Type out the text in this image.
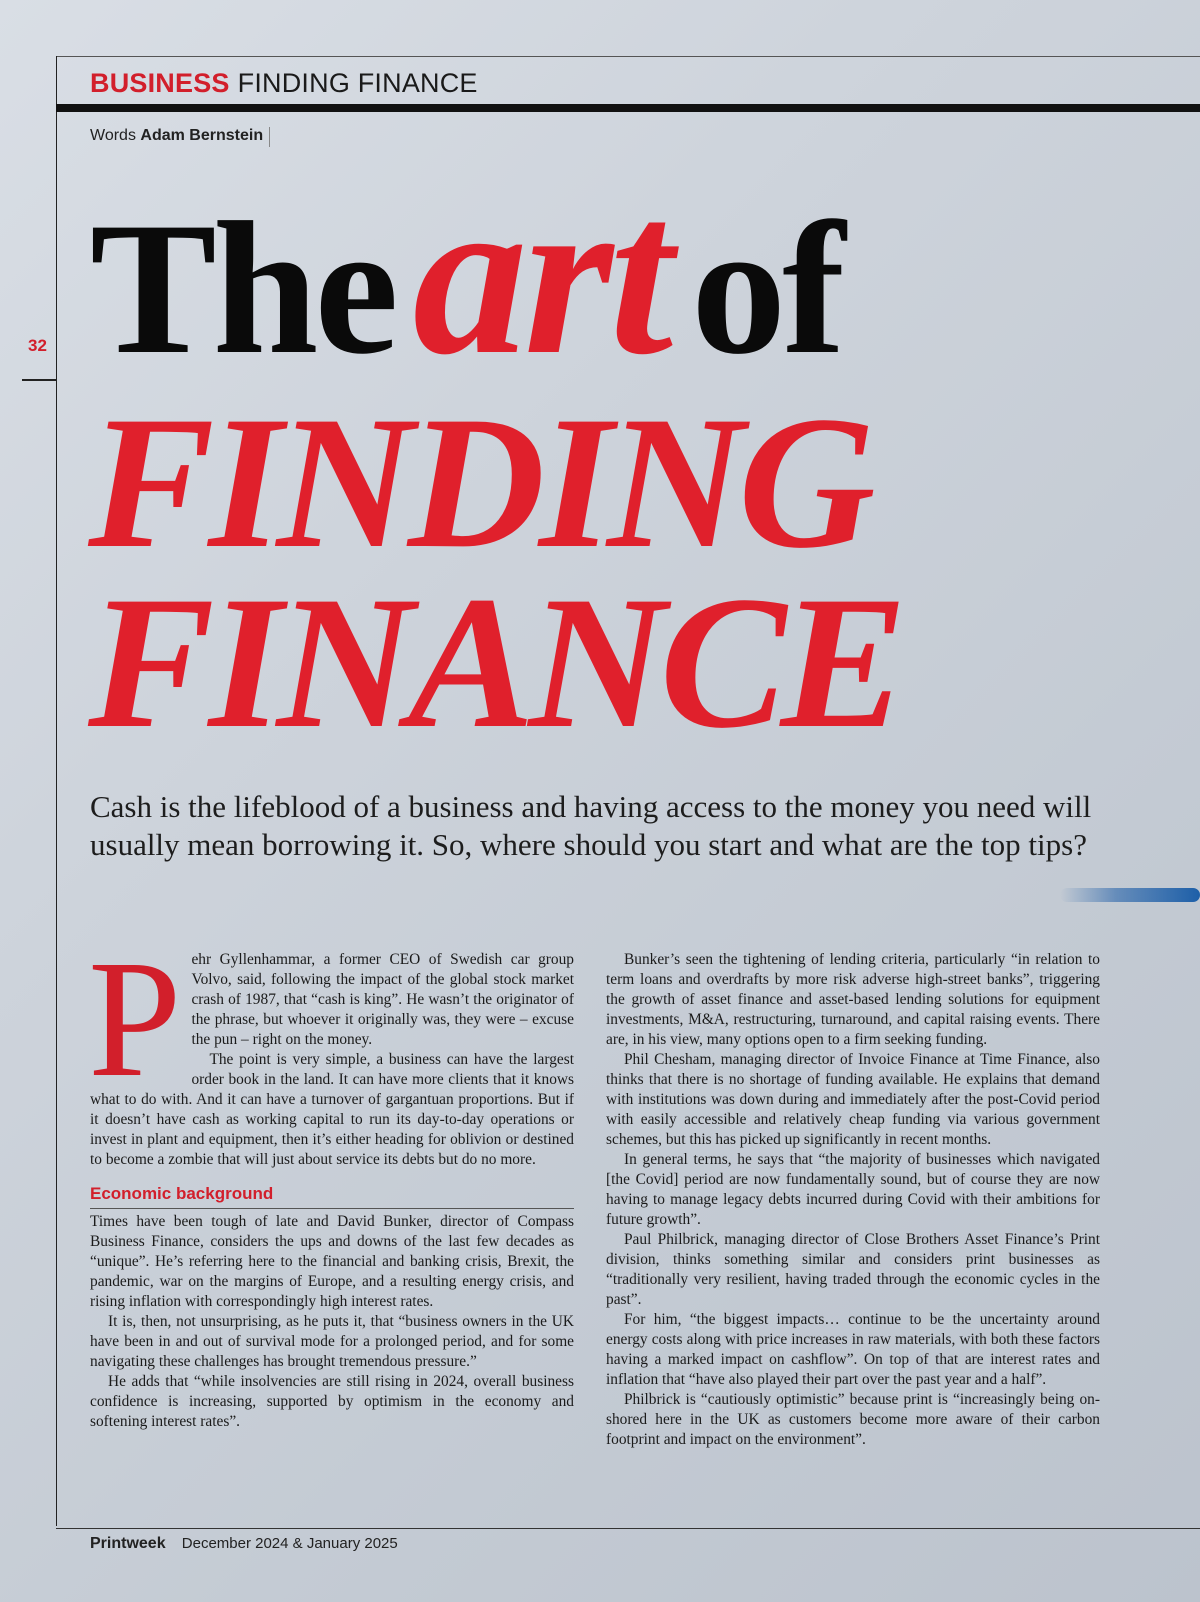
BUSINESS FINDING FINANCE
Words Adam Bernstein
32 Theart of
FINDING
FINANCE
Cash is the lifeblood of a business and having access to the money you need will usually mean borrowing it. So, where should you start and what are the top tips?
P ehr Gyllenhammar, a former CEO of Swedish car group Volvo, said, following the impact of the global stock market crash of 1987, that “cash is king”. He wasn’t the originator of the phrase, but whoever it originally was, they were – excuse the pun – right on the money.

The point is very simple, a business can have the largest order book in the land. It can have more clients that it knows what to do with. And it can have a turnover of gargantuan proportions. But if it doesn’t have cash as working capital to run its day-to-day operations or invest in plant and equipment, then it’s either heading for oblivion or destined to become a zombie that will just about service its debts but do no more.

Economic background

Times have been tough of late and David Bunker, director of Compass Business Finance, considers the ups and downs of the last few decades as “unique”. He’s referring here to the financial and banking crisis, Brexit, the pandemic, war on the margins of Europe, and a resulting energy crisis, and rising inflation with correspondingly high interest rates.

It is, then, not unsurprising, as he puts it, that “business owners in the UK have been in and out of survival mode for a prolonged period, and for some navigating these challenges has brought tremendous pressure.”

He adds that “while insolvencies are still rising in 2024, overall business confidence is increasing, supported by optimism in the economy and softening interest rates”.

Bunker’s seen the tightening of lending criteria, particularly “in relation to term loans and overdrafts by more risk adverse high-street banks”, triggering the growth of asset finance and asset-based lending solutions for equipment investments, M&A, restructuring, turnaround, and capital raising events. There are, in his view, many options open to a firm seeking funding.

Phil Chesham, managing director of Invoice Finance at Time Finance, also thinks that there is no shortage of funding available. He explains that demand with institutions was down during and immediately after the post-Covid period with easily accessible and relatively cheap funding via various government schemes, but this has picked up significantly in recent months.

In general terms, he says that “the majority of businesses which navigated [the Covid] period are now fundamentally sound, but of course they are now having to manage legacy debts incurred during Covid with their ambitions for future growth”.

Paul Philbrick, managing director of Close Brothers Asset Finance’s Print division, thinks something similar and considers print businesses as “traditionally very resilient, having traded through the economic cycles in the past”.

For him, “the biggest impacts… continue to be the uncertainty around energy costs along with price increases in raw materials, with both these factors having a marked impact on cashflow”. On top of that are interest rates and inflation that “have also played their part over the past year and a half”.

Philbrick is “cautiously optimistic” because print is “increasingly being on-shored here in the UK as customers become more aware of their carbon footprint and impact on the environment”.

Printweek December 2024 & January 2025
